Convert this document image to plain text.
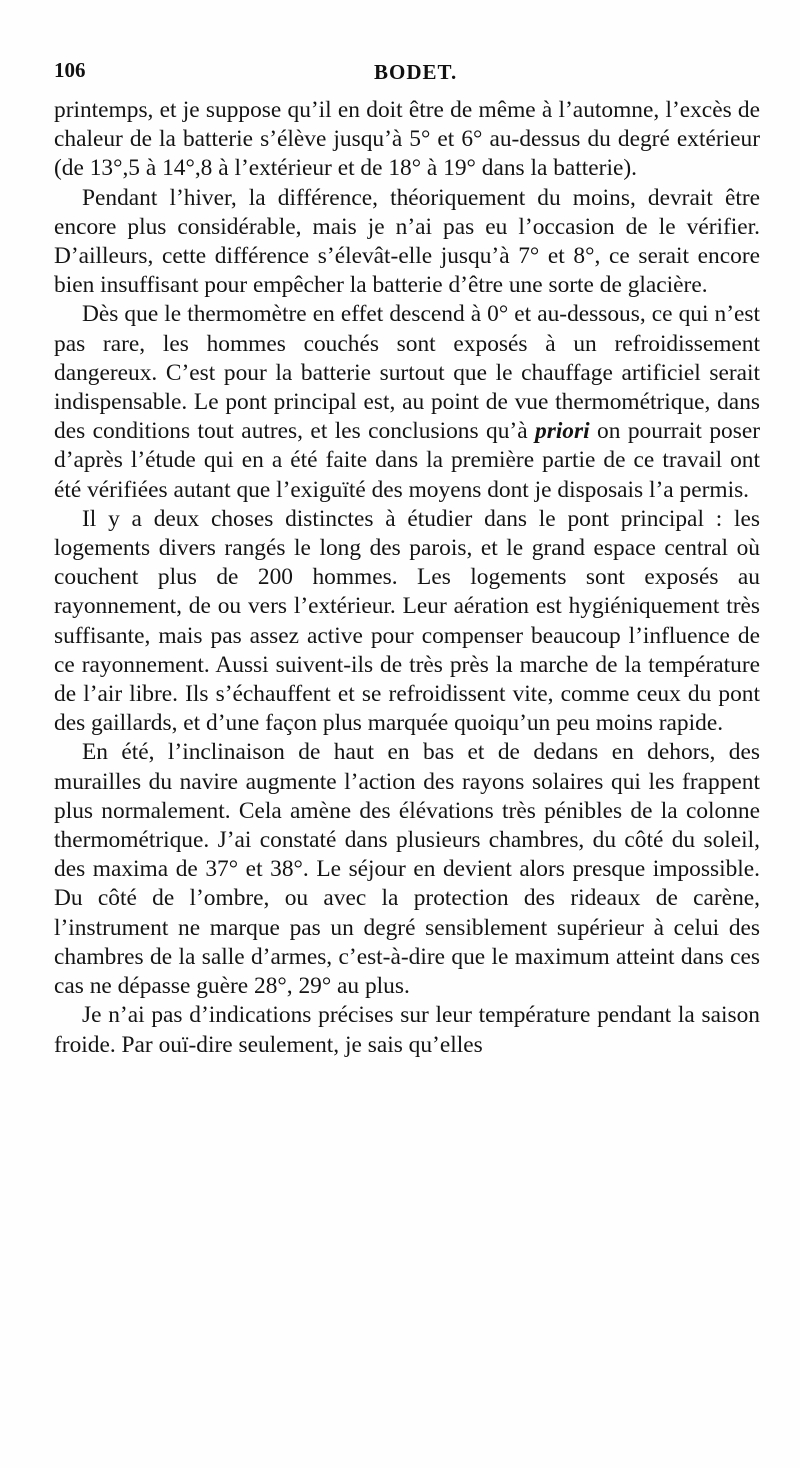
106	BODET.

printemps, et je suppose qu’il en doit être de même à l’automne, l’excès de chaleur de la batterie s’élève jusqu’à 5° et 6° au-dessus du degré extérieur (de 13°,5 à 14°,8 à l’extérieur et de 18° à 19° dans la batterie).

Pendant l’hiver, la différence, théoriquement du moins, devrait être encore plus considérable, mais je n’ai pas eu l’occasion de le vérifier. D’ailleurs, cette différence s’élevât-elle jusqu’à 7° et 8°, ce serait encore bien insuffisant pour empêcher la batterie d’être une sorte de glacière.

Dès que le thermomètre en effet descend à 0° et au-dessous, ce qui n’est pas rare, les hommes couchés sont exposés à un refroidissement dangereux. C’est pour la batterie surtout que le chauffage artificiel serait indispensable. Le pont principal est, au point de vue thermométrique, dans des conditions tout autres, et les conclusions qu’à priori on pourrait poser d’après l’étude qui en a été faite dans la première partie de ce travail ont été vérifiées autant que l’exiguïté des moyens dont je disposais l’a permis.

Il y a deux choses distinctes à étudier dans le pont principal : les logements divers rangés le long des parois, et le grand espace central où couchent plus de 200 hommes. Les logements sont exposés au rayonnement, de ou vers l’extérieur. Leur aération est hygiéniquement très suffisante, mais pas assez active pour compenser beaucoup l’influence de ce rayonnement. Aussi suivent-ils de très près la marche de la température de l’air libre. Ils s’échauffent et se refroidissent vite, comme ceux du pont des gaillards, et d’une façon plus marquée quoiqu’un peu moins rapide.

En été, l’inclinaison de haut en bas et de dedans en dehors, des murailles du navire augmente l’action des rayons solaires qui les frappent plus normalement. Cela amène des élévations très pénibles de la colonne thermométrique. J’ai constaté dans plusieurs chambres, du côté du soleil, des maxima de 37° et 38°. Le séjour en devient alors presque impossible. Du côté de l’ombre, ou avec la protection des rideaux de carène, l’instrument ne marque pas un degré sensiblement supérieur à celui des chambres de la salle d’armes, c’est-à-dire que le maximum atteint dans ces cas ne dépasse guère 28°, 29° au plus.

Je n’ai pas d’indications précises sur leur température pendant la saison froide. Par ouï-dire seulement, je sais qu’elles
